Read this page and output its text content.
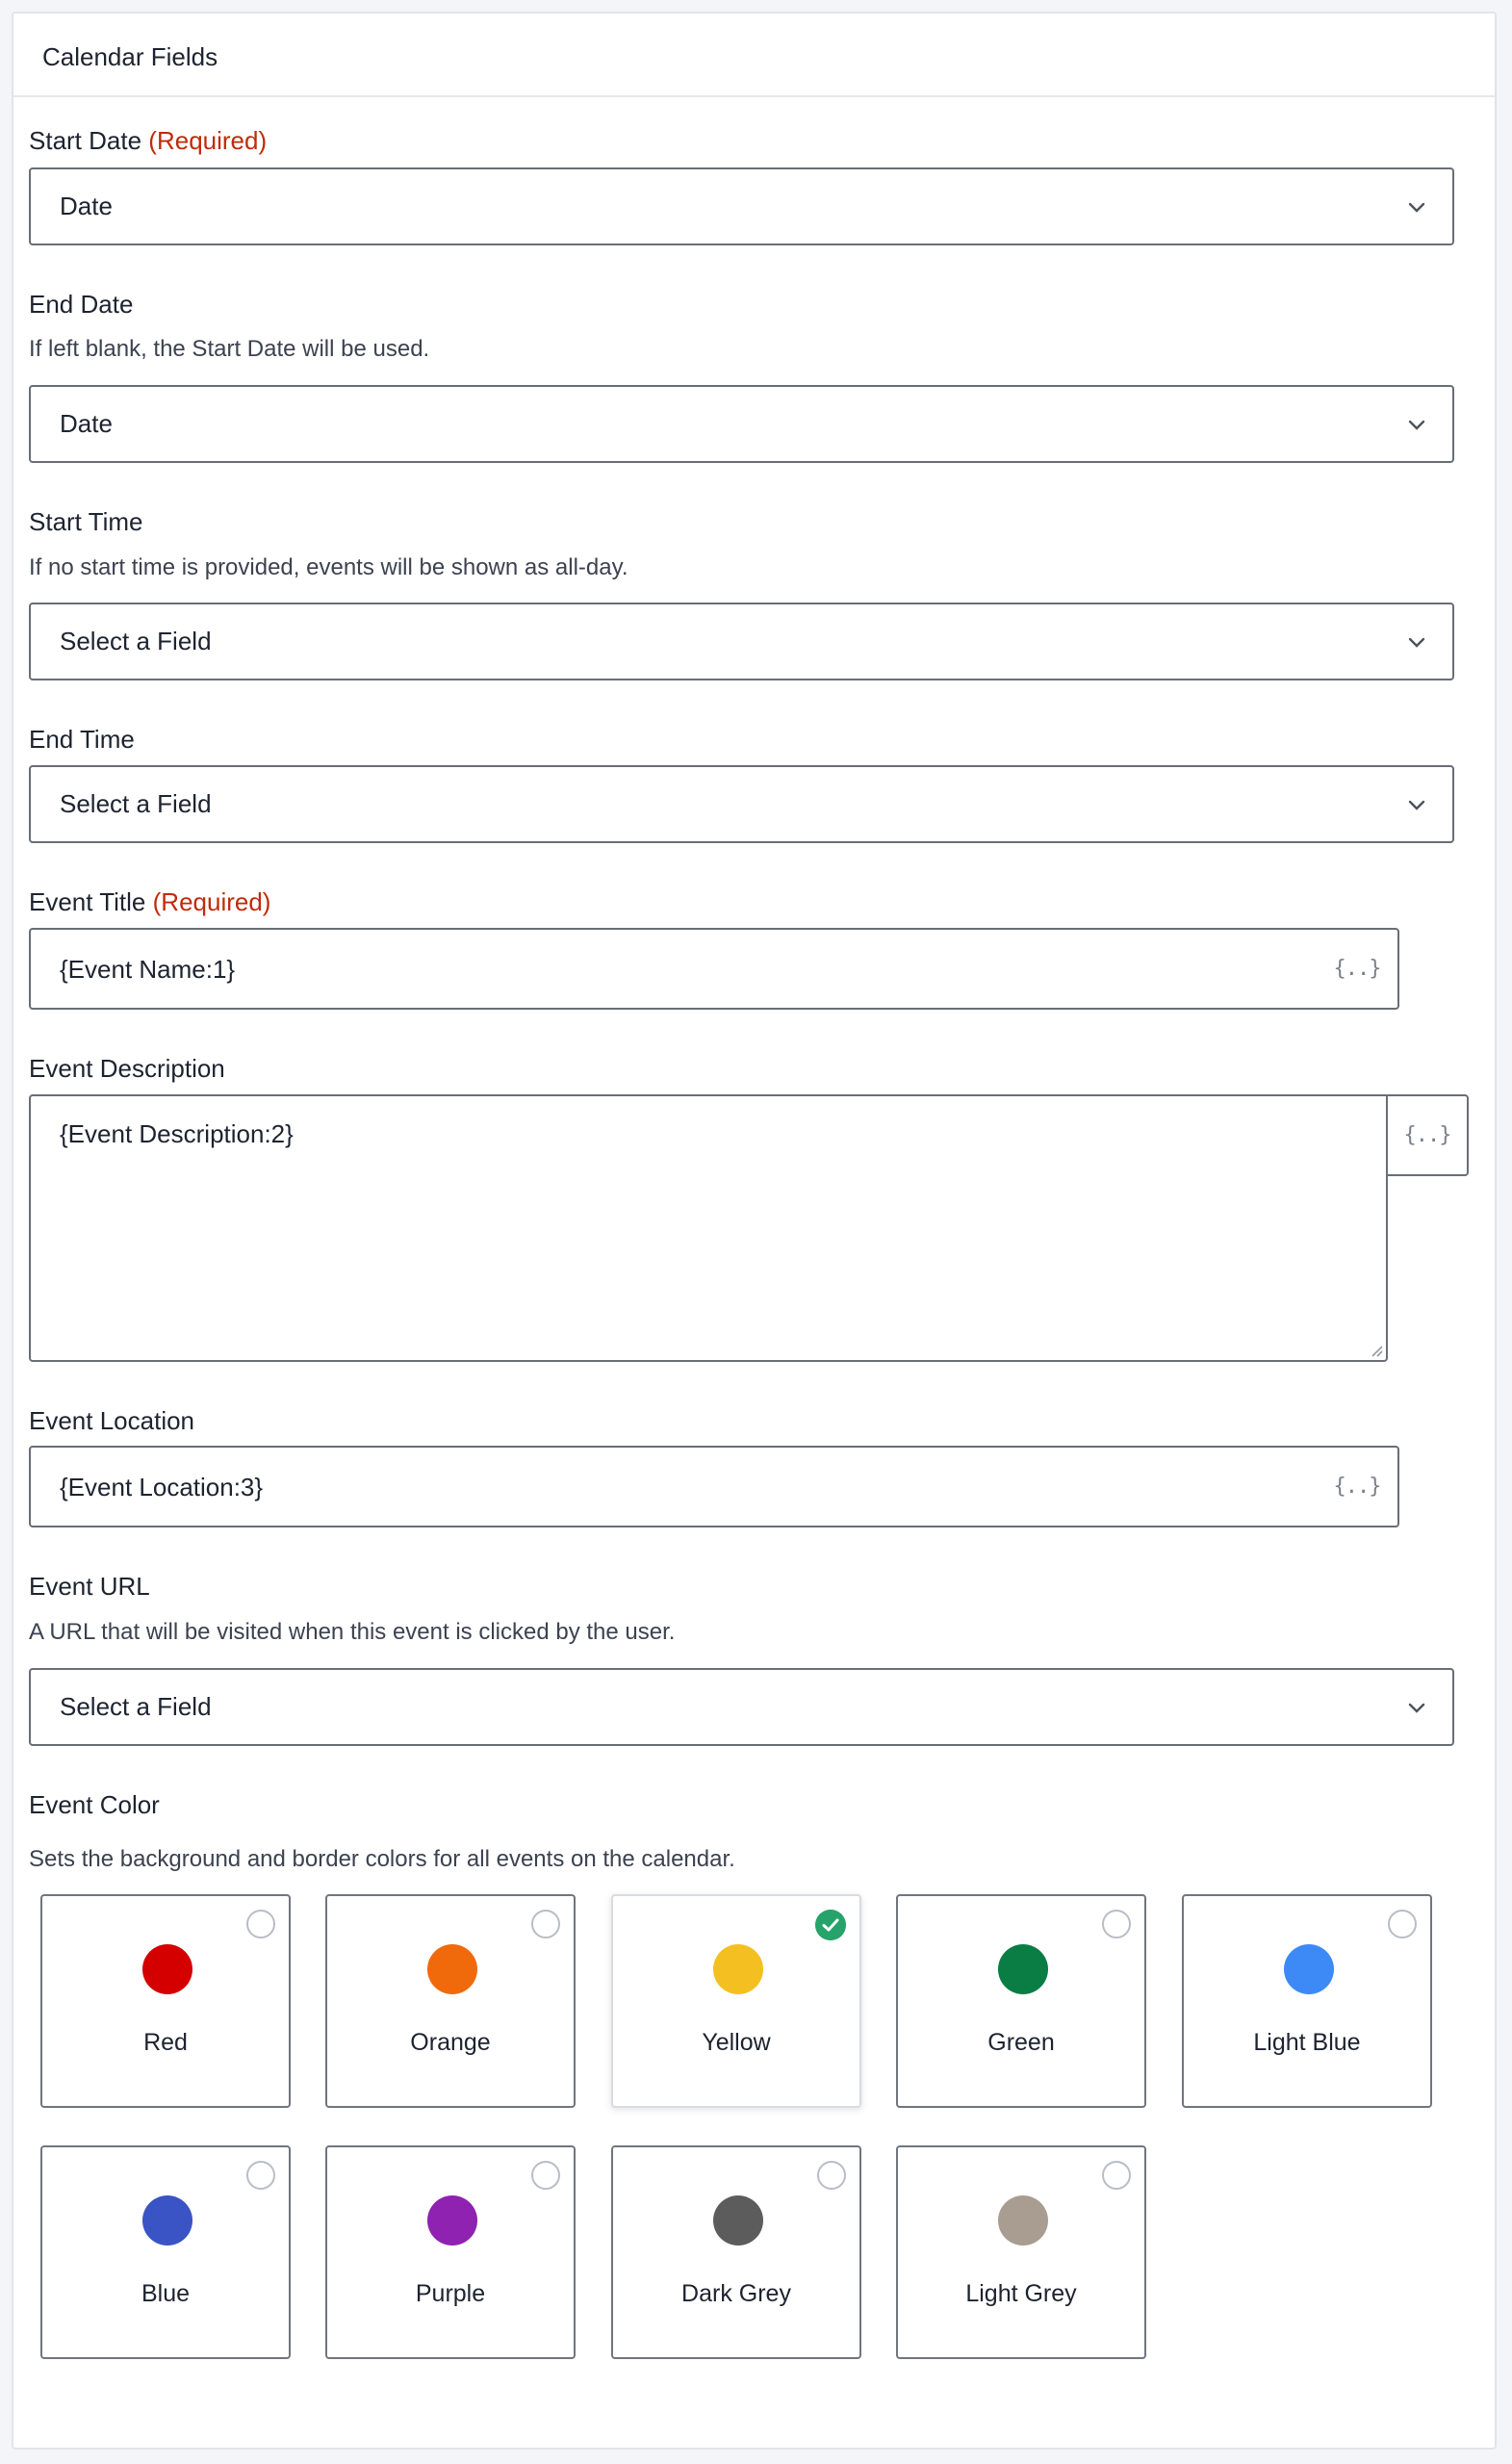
Calendar Fields
Start Date (Required)
Date
End Date
If left blank, the Start Date will be used.
Date
Start Time
If no start time is provided, events will be shown as all-day.
Select a Field
End Time
Select a Field
Event Title (Required)
{Event Name:1}	{..}
Event Description
{Event Description:2}	{..}
Event Location
{Event Location:3}	{..}
Event URL
A URL that will be visited when this event is clicked by the user.
Select a Field
Event Color
Sets the background and border colors for all events on the calendar.
Red	Orange	Yellow	Green	Light Blue
Blue	Purple	Dark Grey	Light Grey
